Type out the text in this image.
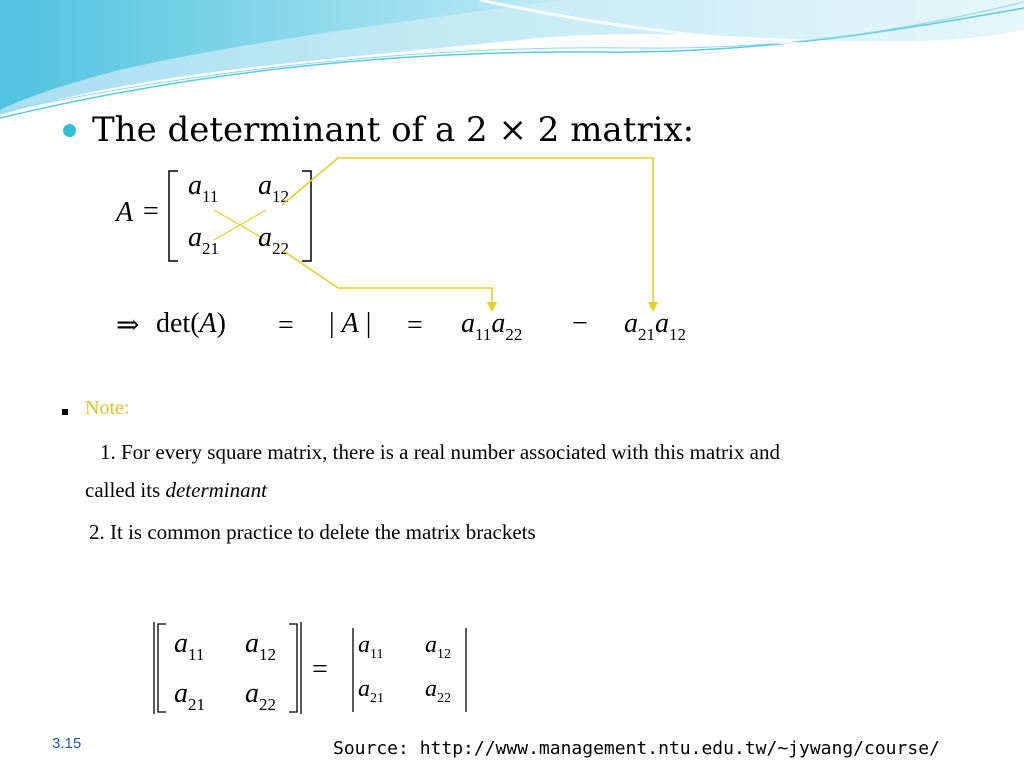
The determinant of a 2 × 2 matrix:
A =
$a_{11}$ $a_{12}$
$a_{21}$ $a_{22}$
⇒ det(A) = | A | = $a_{11}a_{22} - a_{21}a_{12}$
Note:
1. For every square matrix, there is a real number associated with this matrix and
called its determinant
2. It is common practice to delete the matrix brackets
$a_{11}$ $a_{12}$
$a_{21}$ $a_{22}$
=
$a_{11}$ $a_{12}$
$a_{21}$ $a_{22}$
3.15	Source: http://www.management.ntu.edu.tw/~jywang/course/
